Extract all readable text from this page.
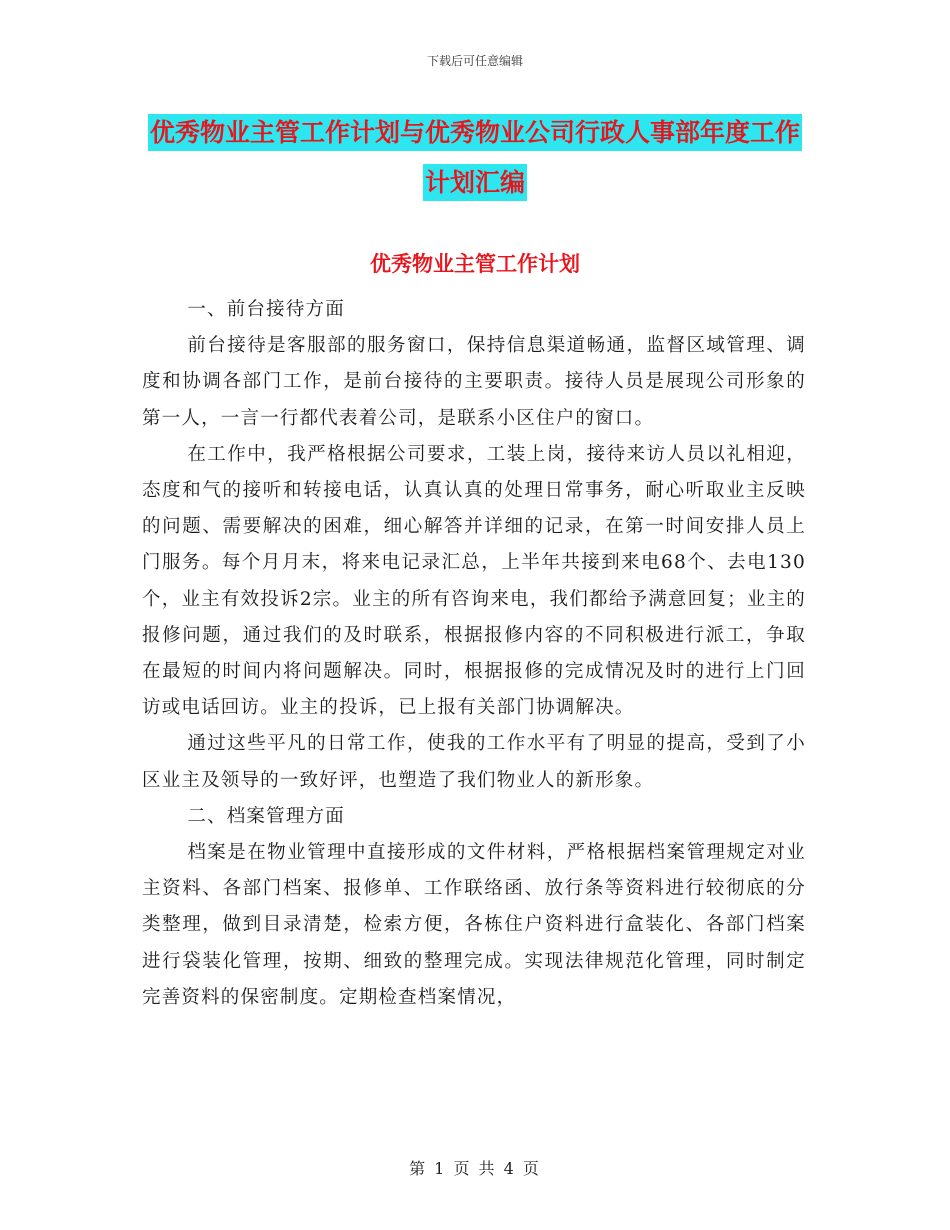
下载后可任意编辑
优秀物业主管工作计划与优秀物业公司行政人事部年度工作计划汇编
优秀物业主管工作计划

一、前台接待方面

前台接待是客服部的服务窗口，保持信息渠道畅通，监督区域管理、调度和协调各部门工作，是前台接待的主要职责。接待人员是展现公司形象的第一人，一言一行都代表着公司，是联系小区住户的窗口。

在工作中，我严格根据公司要求，工装上岗，接待来访人员以礼相迎，态度和气的接听和转接电话，认真认真的处理日常事务，耐心听取业主反映的问题、需要解决的困难，细心解答并详细的记录，在第一时间安排人员上门服务。每个月月末，将来电记录汇总，上半年共接到来电68个、去电130个，业主有效投诉2宗。业主的所有咨询来电，我们都给予满意回复；业主的报修问题，通过我们的及时联系，根据报修内容的不同积极进行派工，争取在最短的时间内将问题解决。同时，根据报修的完成情况及时的进行上门回访或电话回访。业主的投诉，已上报有关部门协调解决。

通过这些平凡的日常工作，使我的工作水平有了明显的提高，受到了小区业主及领导的一致好评，也塑造了我们物业人的新形象。

二、档案管理方面

档案是在物业管理中直接形成的文件材料，严格根据档案管理规定对业主资料、各部门档案、报修单、工作联络函、放行条等资料进行较彻底的分类整理，做到目录清楚，检索方便，各栋住户资料进行盒装化、各部门档案进行袋装化管理，按期、细致的整理完成。实现法律规范化管理，同时制定完善资料的保密制度。定期检查档案情况，

第 1 页 共 4 页
